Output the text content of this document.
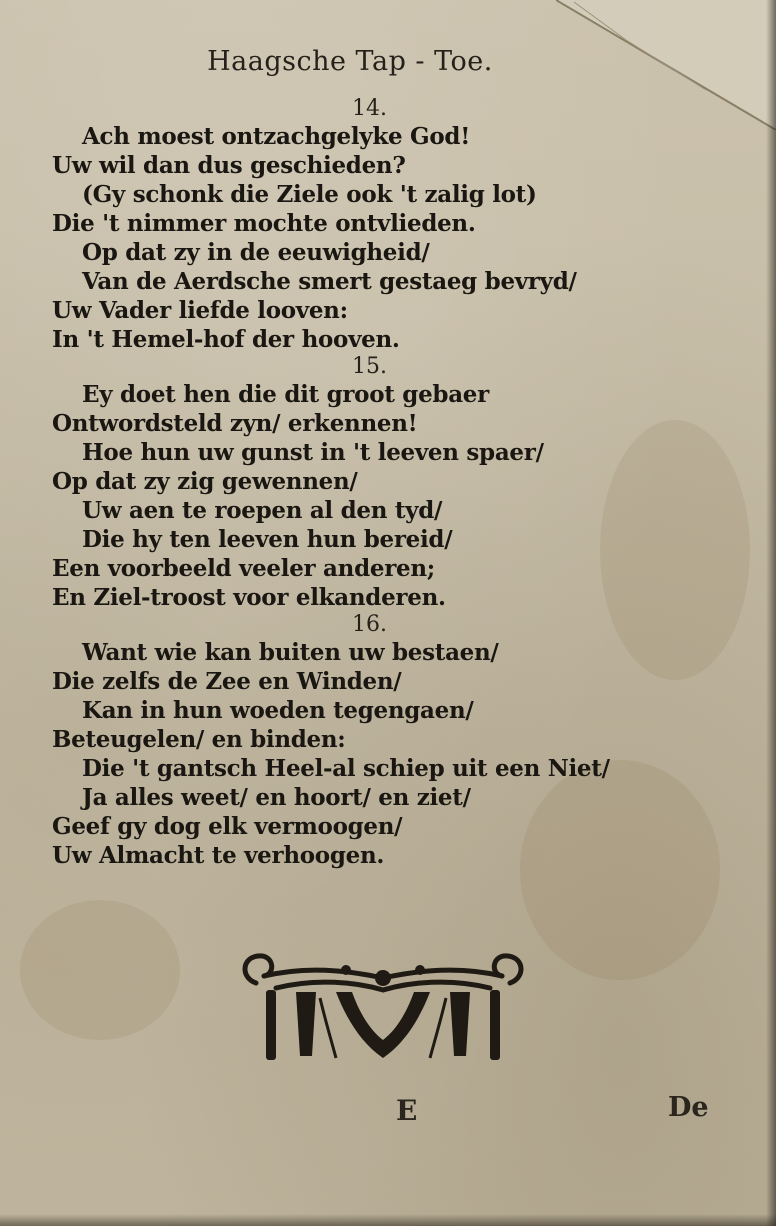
Haagsche Tap - Toe.
14.
Ach moest ontzachgelyke God!
Uw wil dan dus geschieden?
(Gy schonk die Ziele ook 't zalig lot)
Die 't nimmer mochte ontvlieden.
Op dat zy in de eeuwigheid/
Van de Aerdsche smert gestaeg bevryd/
Uw Vader liefde looven:
In 't Hemel-hof der hooven.
15.
Ey doet hen die dit groot gebaer
Ontwordsteld zyn/ erkennen!
Hoe hun uw gunst in 't leeven spaer/
Op dat zy zig gewennen/
Uw aen te roepen al den tyd/
Die hy ten leeven hun bereid/
Een voorbeeld veeler anderen;
En Ziel-troost voor elkanderen.
16.
Want wie kan buiten uw bestaen/
Die zelfs de Zee en Winden/
Kan in hun woeden tegengaen/
Beteugelen/ en binden:
Die 't gantsch Heel-al schiep uit een Niet/
Ja alles weet/ en hoort/ en ziet/
Geef gy dog elk vermoogen/
Uw Almacht te verhoogen.
E	De
